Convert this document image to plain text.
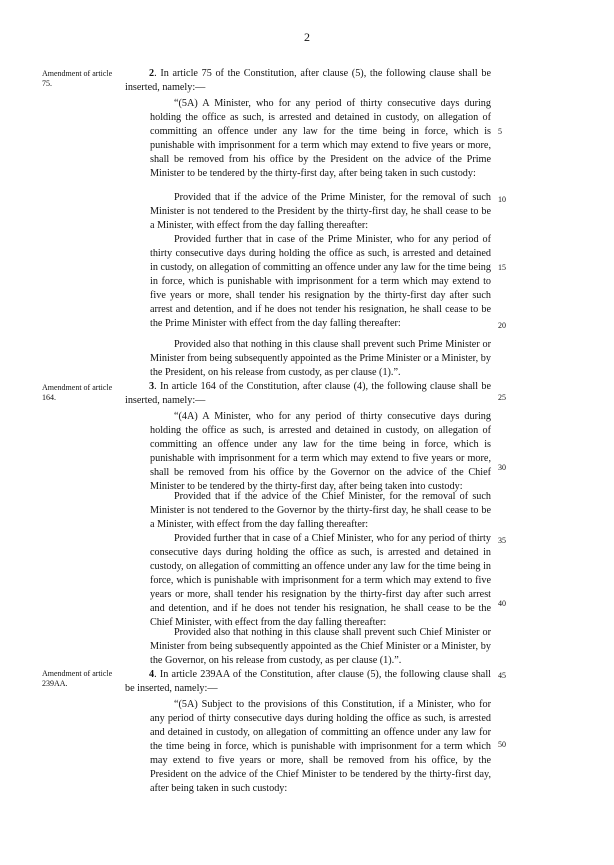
2
Amendment of article 75.

2. In article 75 of the Constitution, after clause (5), the following clause shall be inserted, namely:—

“(5A) A Minister, who for any period of thirty consecutive days during holding the office as such, is arrested and detained in custody, on allegation of committing an offence under any law for the time being in force, which is punishable with imprisonment for a term which may extend to five years or more, shall be removed from his office by the President on the advice of the Prime Minister to be tendered by the thirty-first day, after being taken in such custody:

Provided that if the advice of the Prime Minister, for the removal of such Minister is not tendered to the President by the thirty-first day, he shall cease to be a Minister, with effect from the day falling thereafter:

Provided further that in case of the Prime Minister, who for any period of thirty consecutive days during holding the office as such, is arrested and detained in custody, on allegation of committing an offence under any law for the time being in force, which is punishable with imprisonment for a term which may extend to five years or more, shall tender his resignation by the thirty-first day after such arrest and detention, and if he does not tender his resignation, he shall cease to be the Prime Minister with effect from the day falling thereafter:

Provided also that nothing in this clause shall prevent such Prime Minister or Minister from being subsequently appointed as the Prime Minister or a Minister, by the President, on his release from custody, as per clause (1).”.

Amendment of article 164.

3. In article 164 of the Constitution, after clause (4), the following clause shall be inserted, namely:—

“(4A) A Minister, who for any period of thirty consecutive days during holding the office as such, is arrested and detained in custody, on allegation of committing an offence under any law for the time being in force, which is punishable with imprisonment for a term which may extend to five years or more, shall be removed from his office by the Governor on the advice of the Chief Minister to be tendered by the thirty-first day, after being taken into custody:

Provided that if the advice of the Chief Minister, for the removal of such Minister is not tendered to the Governor by the thirty-first day, he shall cease to be a Minister, with effect from the day falling thereafter:

Provided further that in case of a Chief Minister, who for any period of thirty consecutive days during holding the office as such, is arrested and detained in custody, on allegation of committing an offence under any law for the time being in force, which is punishable with imprisonment for a term which may extend to five years or more, shall tender his resignation by the thirty-first day after such arrest and detention, and if he does not tender his resignation, he shall cease to be the Chief Minister, with effect from the day falling thereafter:

Provided also that nothing in this clause shall prevent such Chief Minister or Minister from being subsequently appointed as the Chief Minister or a Minister, by the Governor, on his release from custody, as per clause (1).”.

Amendment of article 239AA.

4. In article 239AA of the Constitution, after clause (5), the following clause shall be inserted, namely:—

“(5A) Subject to the provisions of this Constitution, if a Minister, who for any period of thirty consecutive days during holding the office as such, is arrested and detained in custody, on allegation of committing an offence under any law for the time being in force, which is punishable with imprisonment for a term which may extend to five years or more, shall be removed from his office, by the President on the advice of the Chief Minister to be tendered by the thirty-first day, after being taken in such custody:

5
10
15
20
25
30
35
40
45
50
